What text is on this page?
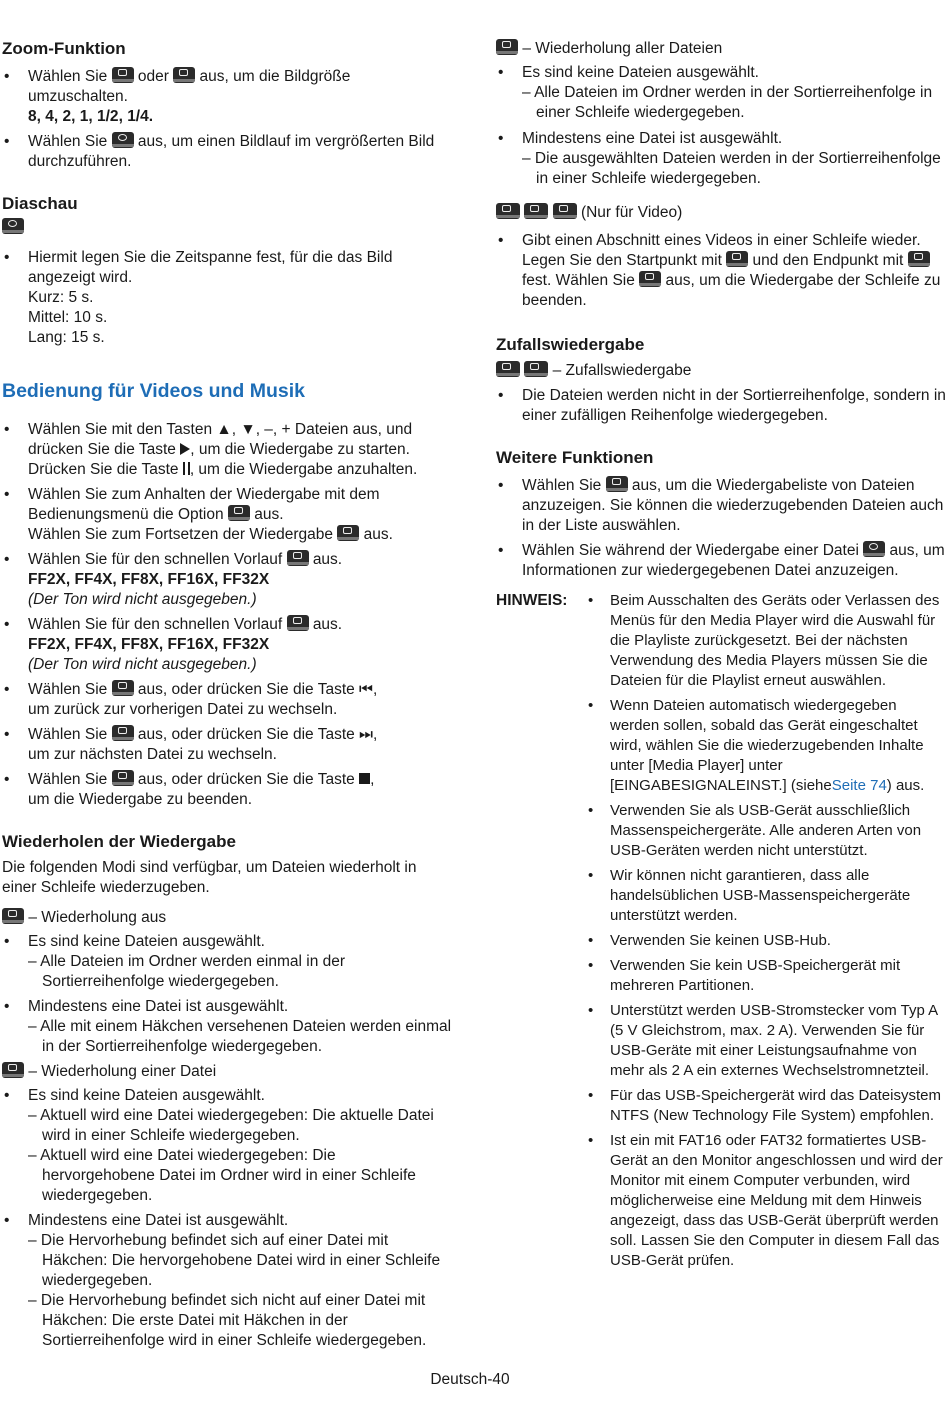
Zoom-Funktion
• Wählen Sie oder aus, um die Bildgröße umzuschalten.
8, 4, 2, 1, 1/2, 1/4.
• Wählen Sie aus, um einen Bildlauf im vergrößerten Bild durchzuführen.
Diaschau
• Hiermit legen Sie die Zeitspanne fest, für die das Bild angezeigt wird.
Kurz: 5 s.
Mittel: 10 s.
Lang: 15 s.
Bedienung für Videos und Musik
• Wählen Sie mit den Tasten ▲, ▼, –, + Dateien aus, und drücken Sie die Taste , um die Wiedergabe zu starten. Drücken Sie die Taste , um die Wiedergabe anzuhalten.
• Wählen Sie zum Anhalten der Wiedergabe mit dem Bedienungsmenü die Option aus.
Wählen Sie zum Fortsetzen der Wiedergabe aus.
• Wählen Sie für den schnellen Vorlauf aus.
FF2X, FF4X, FF8X, FF16X, FF32X
(Der Ton wird nicht ausgegeben.)
• Wählen Sie für den schnellen Vorlauf aus.
FF2X, FF4X, FF8X, FF16X, FF32X
(Der Ton wird nicht ausgegeben.)
• Wählen Sie aus, oder drücken Sie die Taste ⏮,
um zurück zur vorherigen Datei zu wechseln.
• Wählen Sie aus, oder drücken Sie die Taste ⏭,
um zur nächsten Datei zu wechseln.
• Wählen Sie aus, oder drücken Sie die Taste ,
um die Wiedergabe zu beenden.
Wiederholen der Wiedergabe

Die folgenden Modi sind verfügbar, um Dateien wiederholt in einer Schleife wiederzugeben.

– Wiederholung aus
• Es sind keine Dateien ausgewählt.
– Alle Dateien im Ordner werden einmal in der Sortierreihenfolge wiedergegeben.
• Mindestens eine Datei ist ausgewählt.
– Alle mit einem Häkchen versehenen Dateien werden einmal in der Sortierreihenfolge wiedergegeben.
– Wiederholung einer Datei
• Es sind keine Dateien ausgewählt.
– Aktuell wird eine Datei wiedergegeben: Die aktuelle Datei wird in einer Schleife wiedergegeben.
– Aktuell wird eine Datei wiedergegeben: Die hervorgehobene Datei im Ordner wird in einer Schleife wiedergegeben.
• Mindestens eine Datei ist ausgewählt.
– Die Hervorhebung befindet sich auf einer Datei mit Häkchen: Die hervorgehobene Datei wird in einer Schleife wiedergegeben.
– Die Hervorhebung befindet sich nicht auf einer Datei mit Häkchen: Die erste Datei mit Häkchen in der Sortierreihenfolge wird in einer Schleife wiedergegeben.
– Wiederholung aller Dateien
• Es sind keine Dateien ausgewählt.
– Alle Dateien im Ordner werden in der Sortierreihenfolge in einer Schleife wiedergegeben.
• Mindestens eine Datei ist ausgewählt.
– Die ausgewählten Dateien werden in der Sortierreihenfolge in einer Schleife wiedergegeben.

(Nur für Video)
• Gibt einen Abschnitt eines Videos in einer Schleife wieder. Legen Sie den Startpunkt mit und den Endpunkt mit
fest. Wählen Sie aus, um die Wiedergabe der Schleife zu beenden.
Zufallswiedergabe

– Zufallswiedergabe
• Die Dateien werden nicht in der Sortierreihenfolge, sondern in einer zufälligen Reihenfolge wiedergegeben.
Weitere Funktionen
• Wählen Sie aus, um die Wiedergabeliste von Dateien anzuzeigen. Sie können die wiederzugebenden Dateien auch in der Liste auswählen.
• Wählen Sie während der Wiedergabe einer Datei aus, um Informationen zur wiedergegebenen Datei anzuzeigen.
HINWEIS:
•	Beim Ausschalten des Geräts oder Verlassen des Menüs für den Media Player wird die Auswahl für die Playliste zurückgesetzt. Bei der nächsten Verwendung des Media Players müssen Sie die Dateien für die Playlist erneut auswählen.
• Wenn Dateien automatisch wiedergegeben werden sollen, sobald das Gerät eingeschaltet wird, wählen Sie die wiederzugebenden Inhalte unter [Media Player] unter [EINGABESIGNALEINST.] (sieheSeite 74) aus.
• Verwenden Sie als USB-Gerät ausschließlich Massenspeichergeräte. Alle anderen Arten von USB-Geräten werden nicht unterstützt.
• Wir können nicht garantieren, dass alle handelsüblichen USB-Massenspeichergeräte unterstützt werden.
• Verwenden Sie keinen USB-Hub.
• Verwenden Sie kein USB-Speichergerät mit mehreren Partitionen.
• Unterstützt werden USB-Stromstecker vom Typ A (5 V Gleichstrom, max. 2 A). Verwenden Sie für USB-Geräte mit einer Leistungsaufnahme von mehr als 2 A ein externes Wechselstromnetzteil.
• Für das USB-Speichergerät wird das Dateisystem NTFS (New Technology File System) empfohlen.
• Ist ein mit FAT16 oder FAT32 formatiertes USB-Gerät an den Monitor angeschlossen und wird der Monitor mit einem Computer verbunden, wird möglicherweise eine Meldung mit dem Hinweis angezeigt, dass das USB-Gerät überprüft werden soll. Lassen Sie den Computer in diesem Fall das USB-Gerät prüfen.
Deutsch-40
